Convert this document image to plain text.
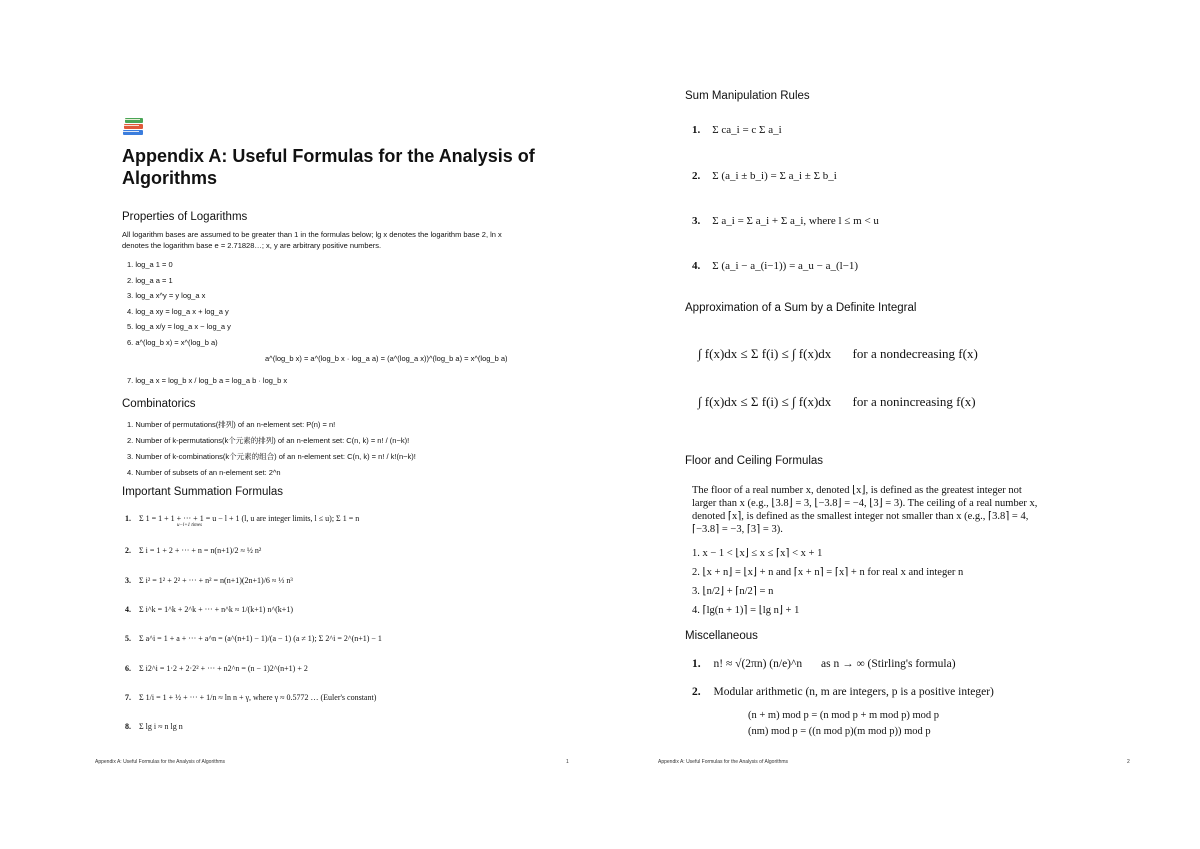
Appendix A: Useful Formulas for the Analysis of
Algorithms
Properties of Logarithms
All logarithm bases are assumed to be greater than 1 in the formulas below; lg x denotes the logarithm base 2, ln x
denotes the logarithm base e = 2.71828…; x, y are arbitrary positive numbers.
1. log_a 1 = 0
2. log_a a = 1
3. log_a x^y = y log_a x
4. log_a xy = log_a x + log_a y
5. log_a x/y = log_a x − log_a y
6. a^(log_b x) = x^(log_b a)
a^(log_b x) = a^(log_b x · log_a a) = (a^(log_a x))^(log_b a) = x^(log_b a)
7. log_a x = log_b x / log_b a = log_a b · log_b x
Combinatorics
1. Number of permutations(排列) of an n-element set: P(n) = n!
2. Number of k-permutations(k个元素的排列) of an n-element set: C(n, k) = n! / (n−k)!
3. Number of k-combinations(k个元素的组合) of an n-element set: C(n, k) = n! / k!(n−k)!
4. Number of subsets of an n-element set: 2^n
Important Summation Formulas
1. Σ 1 = 1 + 1 + ··· + 1 = u − l + 1 (l, u are integer limits, l ≤ u); Σ 1 = n
u−l+1 times
2. Σ i = 1 + 2 + ··· + n = n(n+1)/2 ≈ ½ n²
3. Σ i² = 1² + 2² + ··· + n² = n(n+1)(2n+1)/6 ≈ ⅓ n³
4. Σ i^k = 1^k + 2^k + ··· + n^k ≈ 1/(k+1) n^(k+1)
5. Σ a^i = 1 + a + ··· + a^n = (a^(n+1) − 1)/(a − 1) (a ≠ 1); Σ 2^i = 2^(n+1) − 1
6. Σ i2^i = 1·2 + 2·2² + ··· + n2^n = (n − 1)2^(n+1) + 2
7. Σ 1/i = 1 + ½ + ··· + 1/n ≈ ln n + γ, where γ ≈ 0.5772 … (Euler's constant)
8. Σ lg i ≈ n lg n
Appendix A: Useful Formulas for the Analysis of Algorithms	1
Sum Manipulation Rules
1. Σ ca_i = c Σ a_i
2. Σ (a_i ± b_i) = Σ a_i ± Σ b_i
3. Σ a_i = Σ a_i + Σ a_i, where l ≤ m < u
4. Σ (a_i − a_(i−1)) = a_u − a_(l−1)
Approximation of a Sum by a Definite Integral
∫ f(x)dx ≤ Σ f(i) ≤ ∫ f(x)dx for a nondecreasing f(x)
∫ f(x)dx ≤ Σ f(i) ≤ ∫ f(x)dx for a nonincreasing f(x)
Floor and Ceiling Formulas
The floor of a real number x, denoted ⌊x⌋, is defined as the greatest integer not
larger than x (e.g., ⌊3.8⌋ = 3, ⌊−3.8⌋ = −4, ⌊3⌋ = 3). The ceiling of a real number x,
denoted ⌈x⌉, is defined as the smallest integer not smaller than x (e.g., ⌈3.8⌉ = 4,
⌈−3.8⌉ = −3, ⌈3⌉ = 3).
1. x − 1 < ⌊x⌋ ≤ x ≤ ⌈x⌉ < x + 1
2. ⌊x + n⌋ = ⌊x⌋ + n and ⌈x + n⌉ = ⌈x⌉ + n for real x and integer n
3. ⌊n/2⌋ + ⌈n/2⌉ = n
4. ⌈lg(n + 1)⌉ = ⌊lg n⌋ + 1
Miscellaneous
1. n! ≈ √(2πn) (n/e)^n as n → ∞ (Stirling's formula)
2. Modular arithmetic (n, m are integers, p is a positive integer)
(n + m) mod p = (n mod p + m mod p) mod p
(nm) mod p = ((n mod p)(m mod p)) mod p
Appendix A: Useful Formulas for the Analysis of Algorithms	2
